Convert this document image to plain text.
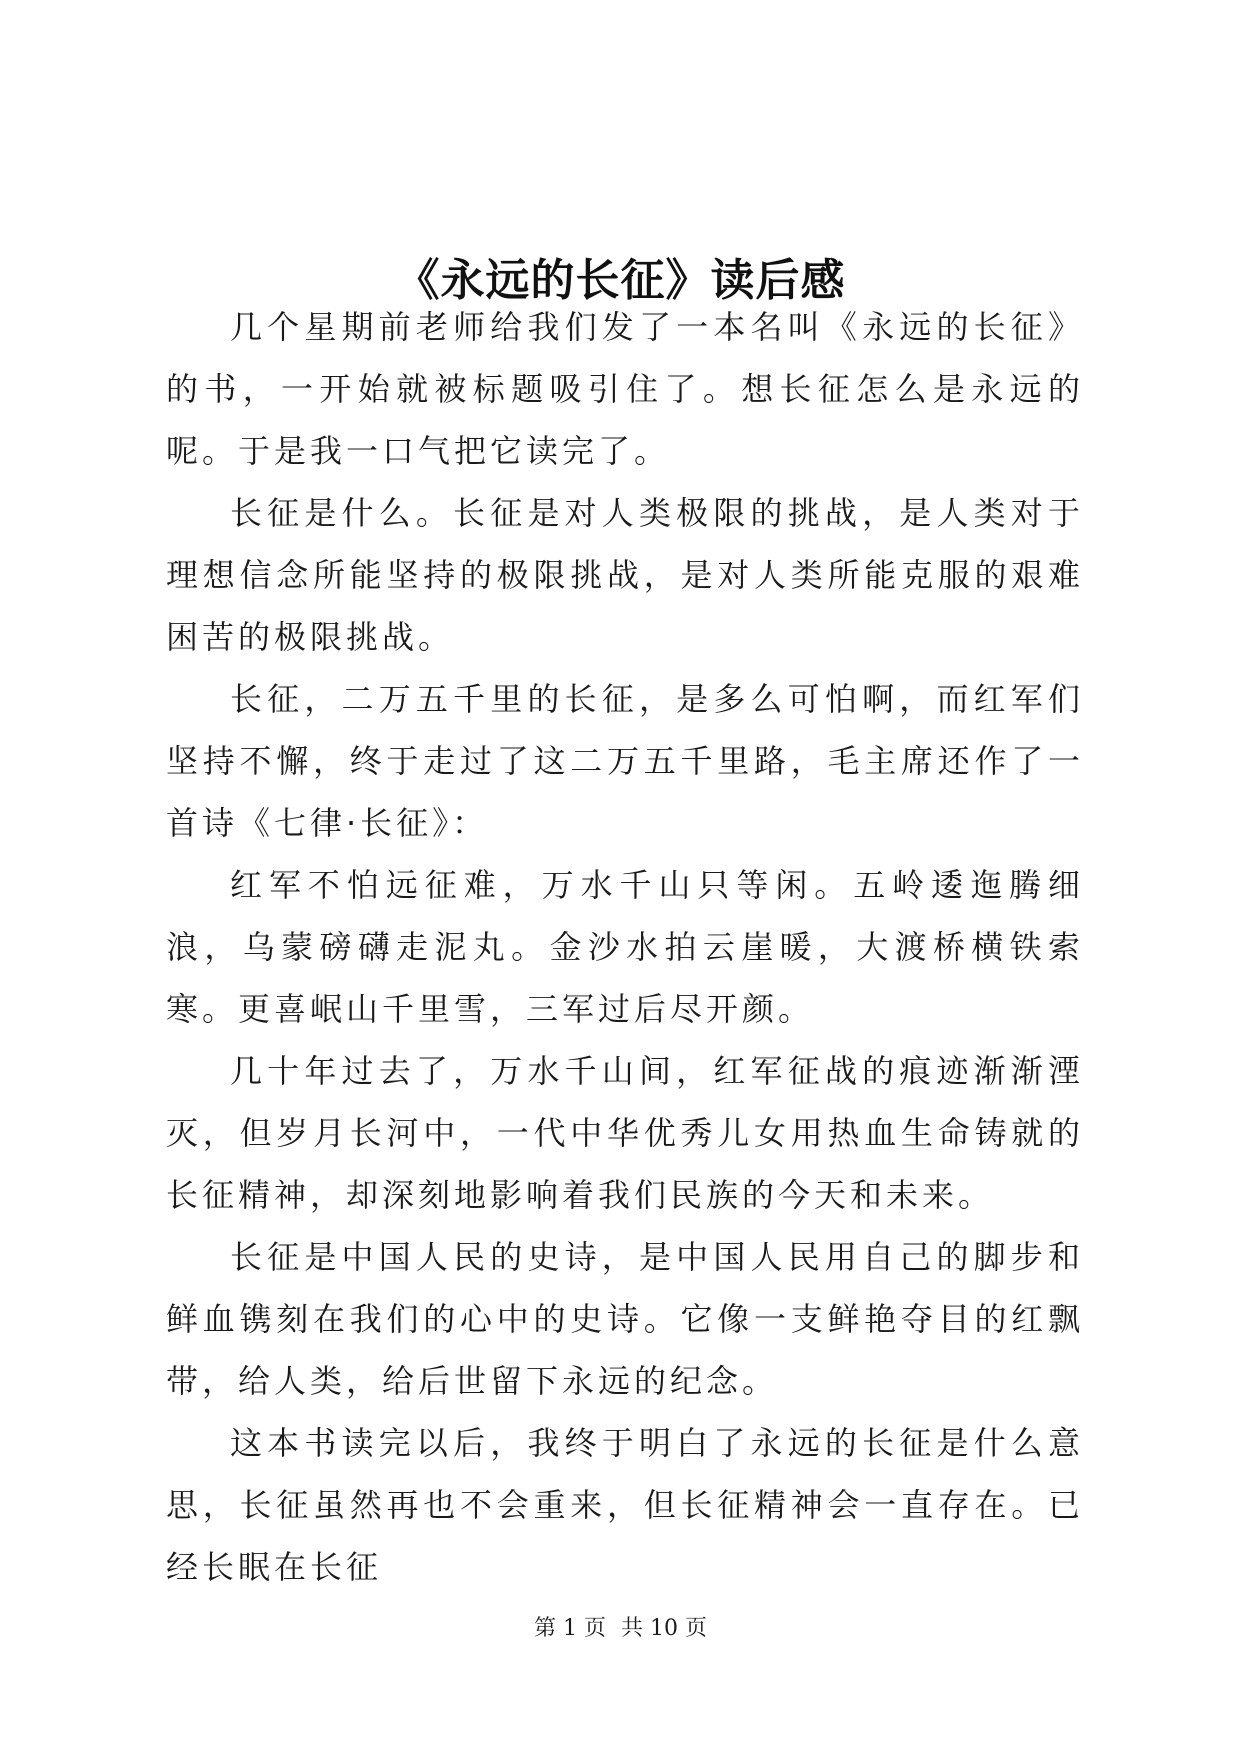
《永远的长征》读后感

几个星期前老师给我们发了一本名叫《永远的长征》的书，一开始就被标题吸引住了。想长征怎么是永远的呢。于是我一口气把它读完了。

长征是什么。长征是对人类极限的挑战，是人类对于理想信念所能坚持的极限挑战，是对人类所能克服的艰难困苦的极限挑战。

长征，二万五千里的长征，是多么可怕啊，而红军们坚持不懈，终于走过了这二万五千里路，毛主席还作了一首诗《七律·长征》：

红军不怕远征难，万水千山只等闲。五岭逶迤腾细浪，乌蒙磅礴走泥丸。金沙水拍云崖暖，大渡桥横铁索寒。更喜岷山千里雪，三军过后尽开颜。

几十年过去了，万水千山间，红军征战的痕迹渐渐湮灭，但岁月长河中，一代中华优秀儿女用热血生命铸就的长征精神，却深刻地影响着我们民族的今天和未来。

长征是中国人民的史诗，是中国人民用自己的脚步和鲜血镌刻在我们的心中的史诗。它像一支鲜艳夺目的红飘带，给人类，给后世留下永远的纪念。

这本书读完以后，我终于明白了永远的长征是什么意思，长征虽然再也不会重来，但长征精神会一直存在。已经长眠在长征

第 1 页 共 10 页
